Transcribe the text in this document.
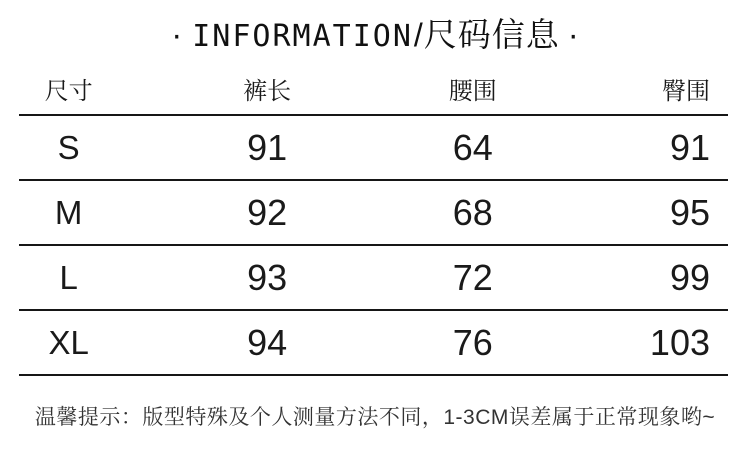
· INFORMATION/尺码信息 ·
尺寸	裤长	腰围	臀围
S	91	64	91
M	92	68	95
L	93	72	99
XL	94	76	103
温馨提示：版型特殊及个人测量方法不同，1-3CM误差属于正常现象哟~
